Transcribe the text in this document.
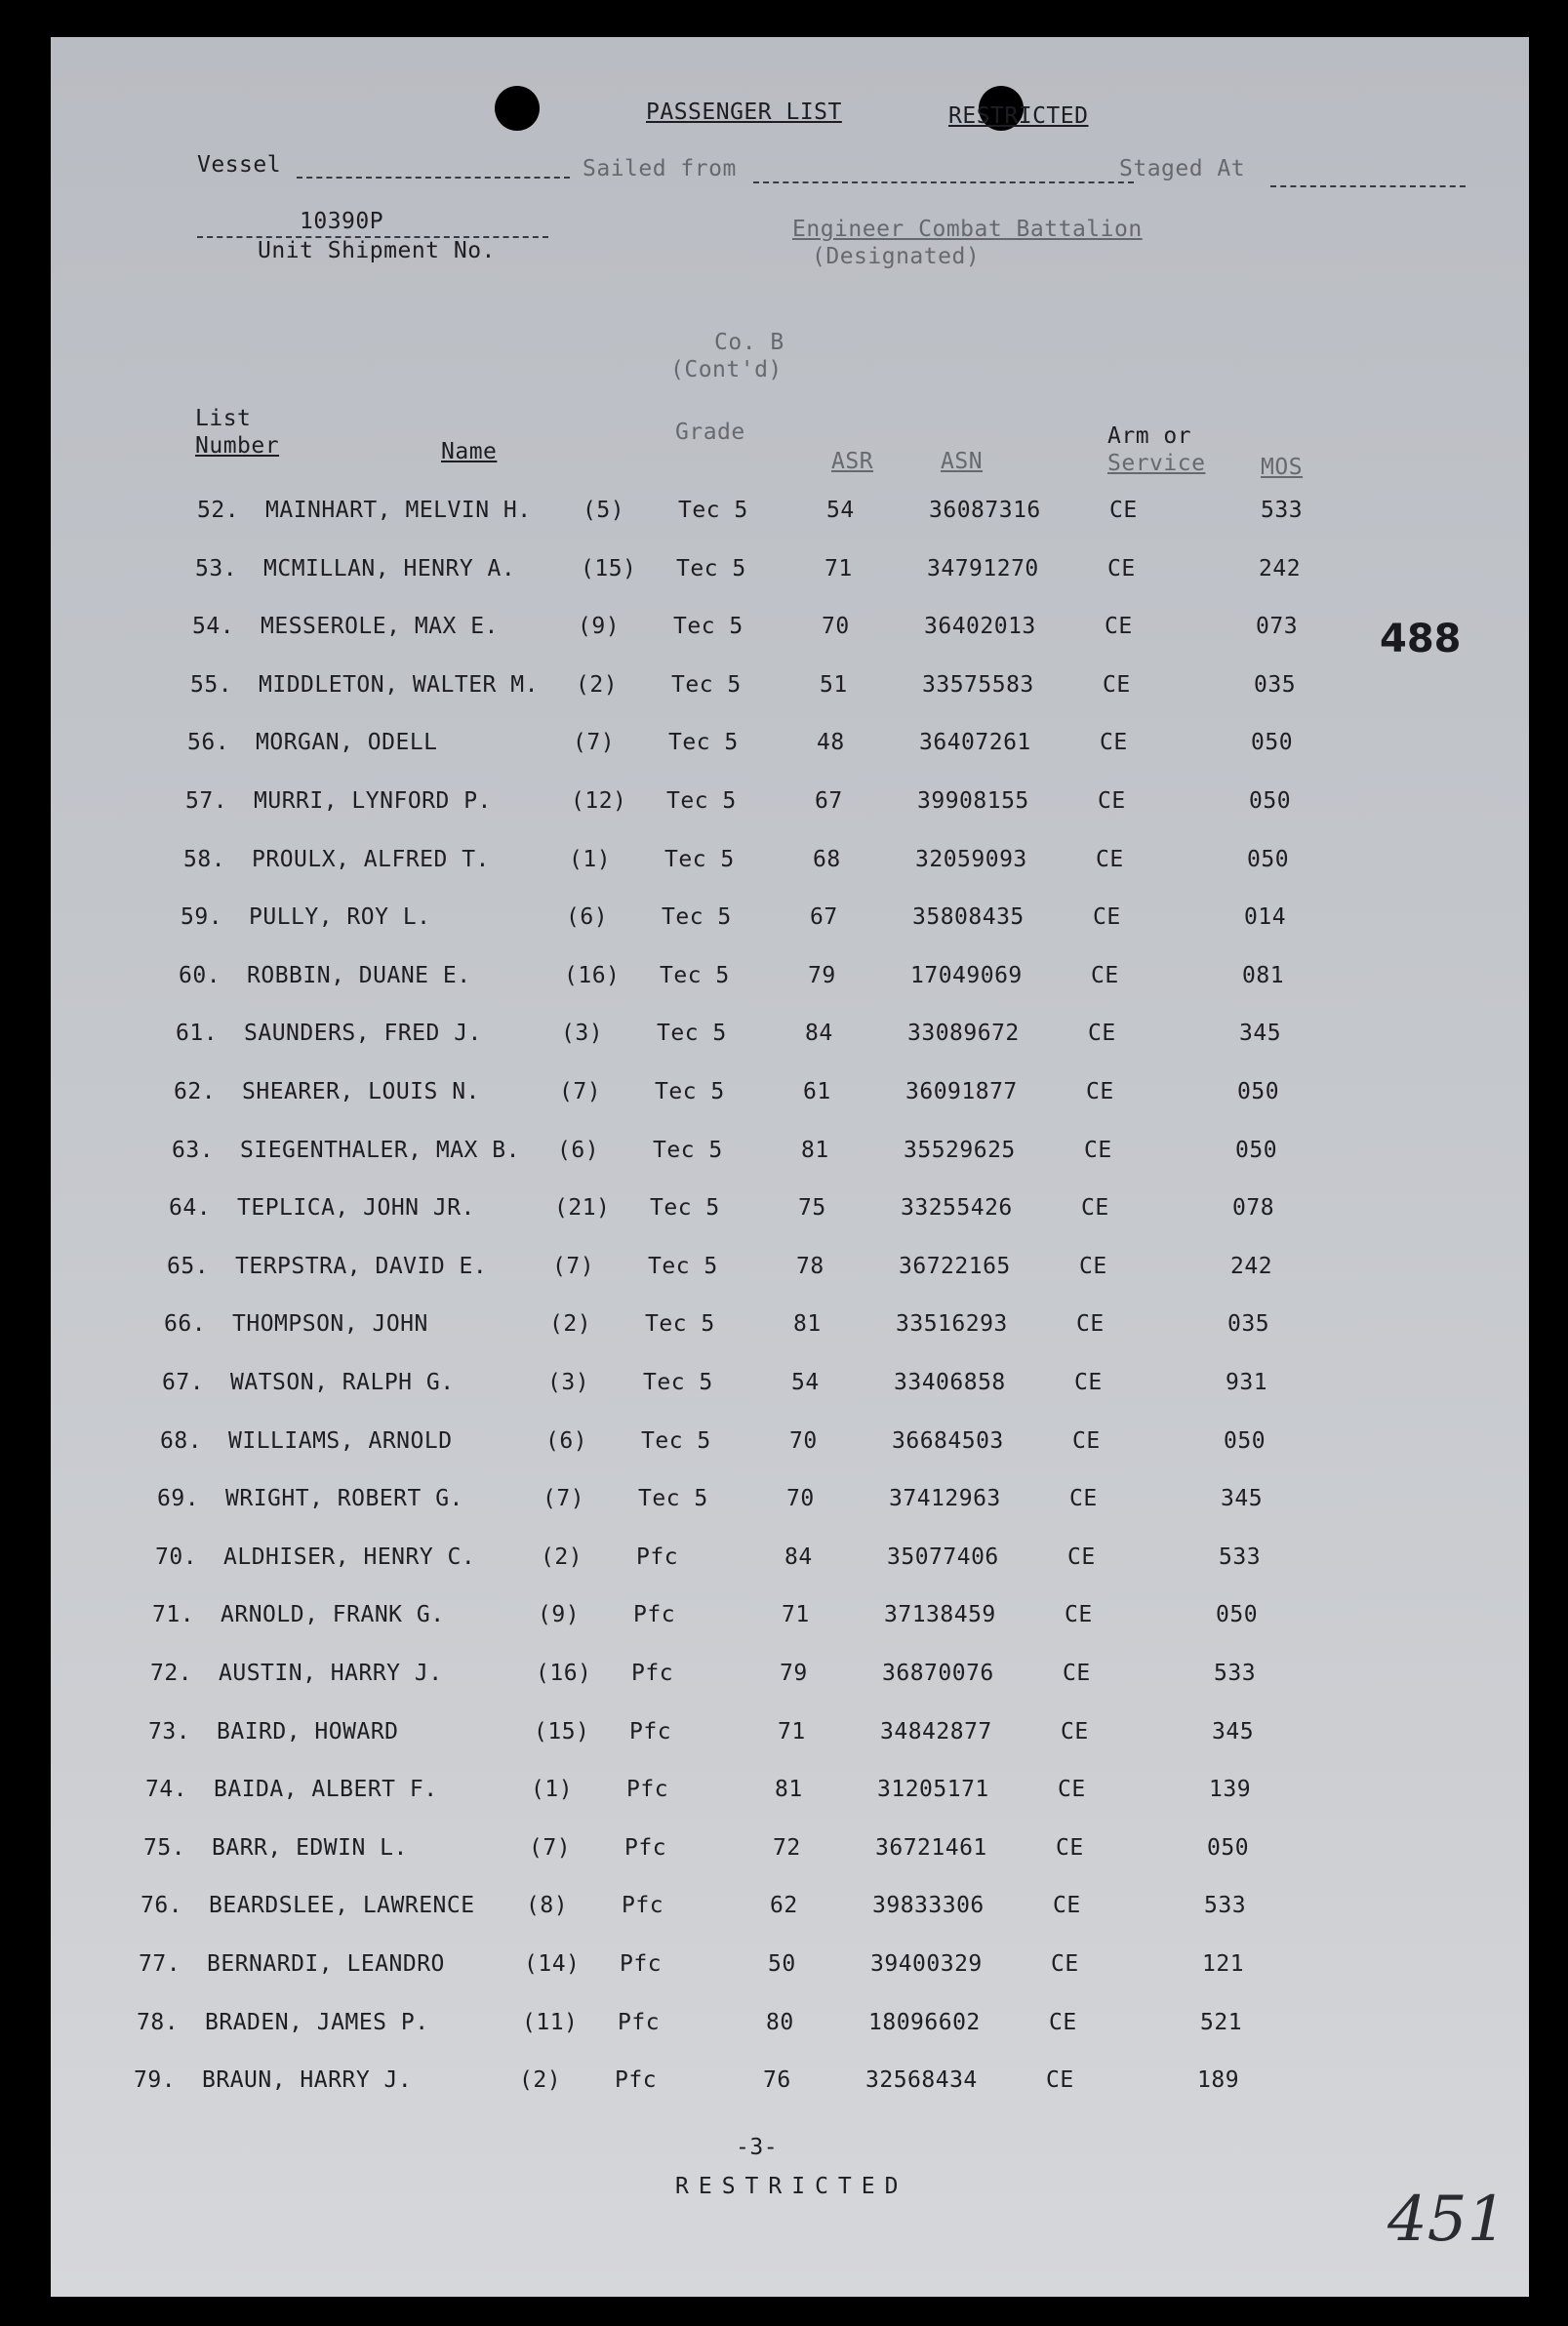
PASSENGER LIST	RESTRICTED
Vessel	Sailed from	Staged At
10390P
Unit Shipment No.
Engineer Combat Battalion
(Designated)
Co. B
(Cont'd)
List
Number	Name
Grade
ASR	ASN
Arm or
Service MOS
52. MAINHART, MELVIN H. (5) Tec 5	54	36087316	CE	533
53. MCMILLAN, HENRY A.	(15) Tec 5	71	34791270	CE	242
54. MESSEROLE, MAX E.	(9) Tec 5	70	36402013	CE	073
55. MIDDLETON, WALTER M. (2) Tec 5	51	33575583	CE	035
56. MORGAN, ODELL	(7) Tec 5	48	36407261	CE	050
57. MURRI, LYNFORD P.	(12) Tec 5	67	39908155	CE	050
58. PROULX, ALFRED T.	(1) Tec 5	68	32059093	CE	050
59. PULLY, ROY L.	(6) Tec 5	67	35808435	CE	014
60. ROBBIN, DUANE E.	(16) Tec 5	79	17049069	CE	081
61. SAUNDERS, FRED J.	(3) Tec 5	84	33089672	CE	345
62. SHEARER, LOUIS N.	(7) Tec 5	61	36091877	CE	050
63. SIEGENTHALER, MAX B. (6) Tec 5	81	35529625	CE	050
64. TEPLICA, JOHN JR.	(21) Tec 5	75	33255426	CE	078
65. TERPSTRA, DAVID E.	(7) Tec 5	78	36722165	CE	242
66. THOMPSON, JOHN	(2) Tec 5	81	33516293	CE	035
67. WATSON, RALPH G.	(3) Tec 5	54	33406858	CE	931
68. WILLIAMS, ARNOLD	(6) Tec 5	70	36684503	CE	050
69. WRIGHT, ROBERT G.	(7) Tec 5	70	37412963	CE	345
70. ALDHISER, HENRY C.	(2) Pfc	84	35077406	CE	533
71. ARNOLD, FRANK G.	(9) Pfc	71	37138459	CE	050
72. AUSTIN, HARRY J.	(16) Pfc	79	36870076	CE	533
73. BAIRD, HOWARD	(15) Pfc	71	34842877	CE	345
74. BAIDA, ALBERT F.	(1) Pfc	81	31205171	CE	139
75. BARR, EDWIN L.	(7) Pfc	72	36721461	CE	050
76. BEARDSLEE, LAWRENCE (8) Pfc	62	39833306	CE	533
77. BERNARDI, LEANDRO	(14) Pfc	50	39400329	CE	121
78. BRADEN, JAMES P.	(11) Pfc	80	18096602	CE	521
79. BRAUN, HARRY J.	(2) Pfc	76	32568434	CE	189
488
-3-
RESTRICTED	451
